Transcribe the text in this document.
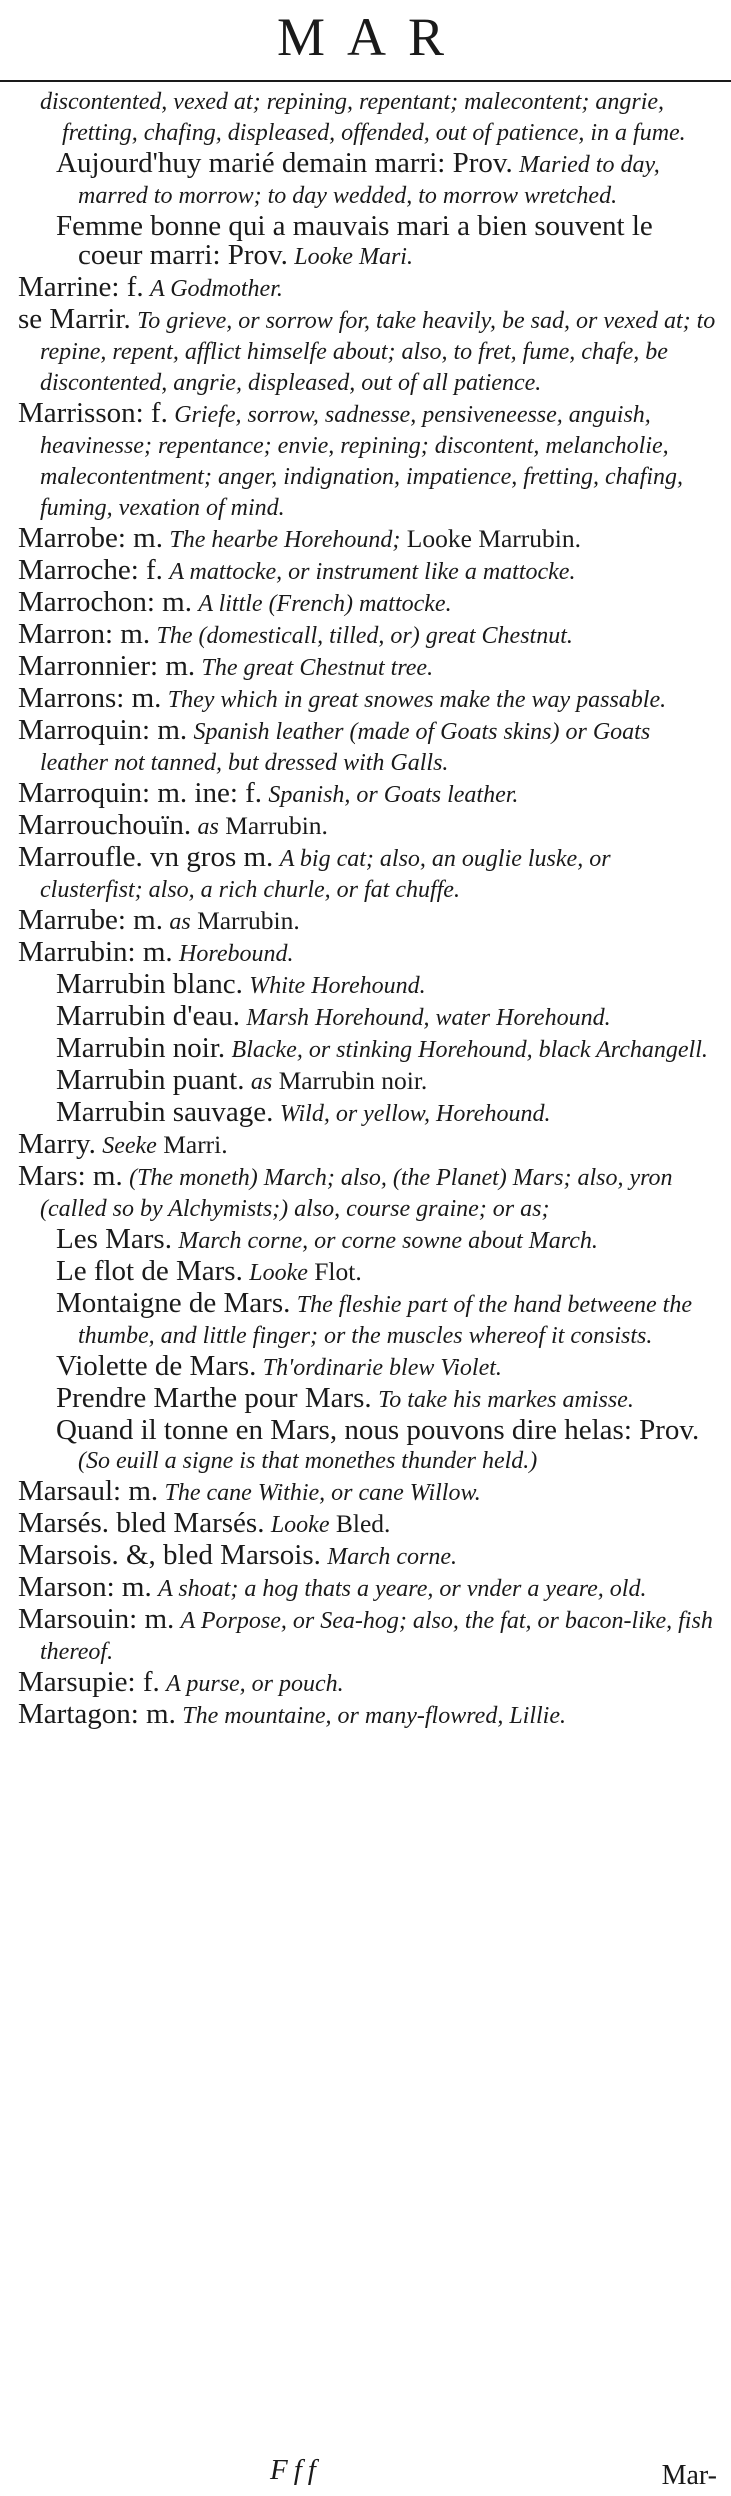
MAR
discontented, vexed at; repining, repentant; malecontent; angrie, fretting, chafing, displeased, offended, out of patience, in a fume.
Aujourd'huy marié demain marri: Prov. Maried to day, marred to morrow; to day wedded, to morrow wretched.
Femme bonne qui a mauvais mari a bien souvent le coeur marri: Prov. Looke Mari.
Marrine: f. A Godmother.
se Marrir. To grieve, or sorrow for, take heavily, be sad, or vexed at; to repine, repent, afflict himselfe about; also, to fret, fume, chafe, be discontented, angrie, displeased, out of all patience.
Marrisson: f. Griefe, sorrow, sadnesse, pensiveneesse, anguish, heavinesse; repentance; envie, repining; discontent, melancholie, malecontentment; anger, indignation, impatience, fretting, chafing, fuming, vexation of mind.
Marrobe: m. The hearbe Horehound; Looke Marrubin.
Marroche: f. A mattocke, or instrument like a mattocke.
Marrochon: m. A little (French) mattocke.
Marron: m. The (domesticall, tilled, or) great Chestnut.
Marronnier: m. The great Chestnut tree.
Marrons: m. They which in great snowes make the way passable.
Marroquin: m. Spanish leather (made of Goats skins) or Goats leather not tanned, but dressed with Galls.
Marroquin: m. ine: f. Spanish, or Goats leather.
Marrouchouïn. as Marrubin.
Marroufle. vn gros m. A big cat; also, an ouglie luske, or clusterfist; also, a rich churle, or fat chuffe.
Marrube: m. as Marrubin.
Marrubin: m. Horebound.
Marrubin blanc. White Horehound.
Marrubin d'eau. Marsh Horehound, water Horehound.
Marrubin noir. Blacke, or stinking Horehound, black Archangell.
Marrubin puant. as Marrubin noir.
Marrubin sauvage. Wild, or yellow, Horehound.
Marry. Seeke Marri.
Mars: m. (The moneth) March; also, (the Planet) Mars; also, yron (called so by Alchymists;) also, course graine; or as;
Les Mars. March corne, or corne sowne about March.
Le flot de Mars. Looke Flot.
Montaigne de Mars. The fleshie part of the hand betweene the thumbe, and little finger; or the muscles whereof it consists.
Violette de Mars. Th'ordinarie blew Violet.
Prendre Marthe pour Mars. To take his markes amisse.
Quand il tonne en Mars, nous pouvons dire helas: Prov. (So euill a signe is that monethes thunder held.)
Marsaul: m. The cane Withie, or cane Willow.
Marsés. bled Marsés. Looke Bled.
Marsois. &, bled Marsois. March corne.
Marson: m. A shoat; a hog thats a yeare, or vnder a yeare, old.
Marsouin: m. A Porpose, or Sea-hog; also, the fat, or bacon-like, fish thereof.
Marsupie: f. A purse, or pouch.
Martagon: m. The mountaine, or many-flowred, Lillie.
Fff	Mar-
